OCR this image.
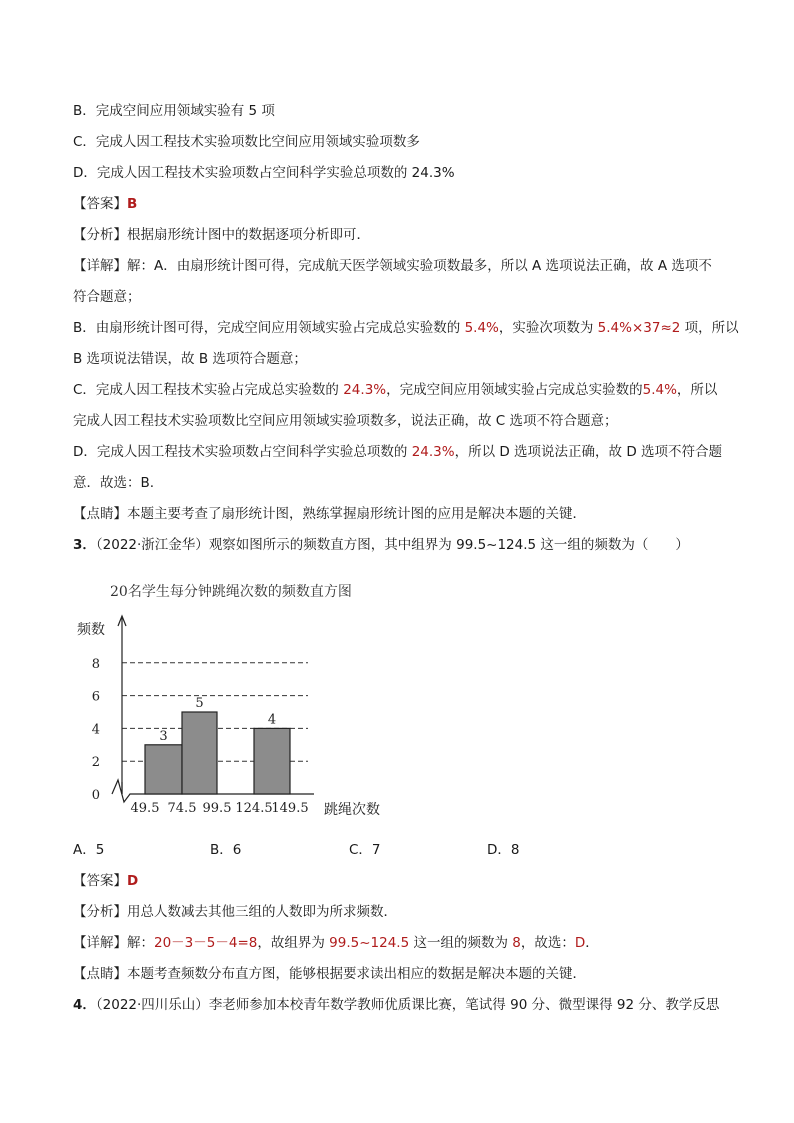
B．完成空间应用领域实验有 5 项
C．完成人因工程技术实验项数比空间应用领域实验项数多
D．完成人因工程技术实验项数占空间科学实验总项数的 24.3%
【答案】B
【分析】根据扇形统计图中的数据逐项分析即可．
【详解】解：A．由扇形统计图可得，完成航天医学领域实验项数最多，所以 A 选项说法正确，故 A 选项不
符合题意；
B．由扇形统计图可得，完成空间应用领域实验占完成总实验数的 5.4%，实验次项数为 5.4%×37≈2 项，所以
B 选项说法错误，故 B 选项符合题意；
C．完成人因工程技术实验占完成总实验数的 24.3%，完成空间应用领域实验占完成总实验数的5.4%，所以
完成人因工程技术实验项数比空间应用领域实验项数多，说法正确，故 C 选项不符合题意；
D．完成人因工程技术实验项数占空间科学实验总项数的 24.3%，所以 D 选项说法正确，故 D 选项不符合题
意．故选：B.
【点睛】本题主要考查了扇形统计图，熟练掌握扇形统计图的应用是解决本题的关键．
3．（2022·浙江金华）观察如图所示的频数直方图，其中组界为 99.5~124.5 这一组的频数为（　　）
20名学生每分钟跳绳次数的频数直方图
频数
0
2
4
6
8
3
5
4
49.5 74.5 99.5 124.5
149.5 跳绳次数
A．5	B．6	C．7	D．8
【答案】D
【分析】用总人数减去其他三组的人数即为所求频数．
【详解】解：20－3－5－4=8，故组界为 99.5~124.5 这一组的频数为 8，故选：D．
【点睛】本题考查频数分布直方图，能够根据要求读出相应的数据是解决本题的关键．
4．（2022·四川乐山）李老师参加本校青年数学教师优质课比赛，笔试得 90 分、微型课得 92 分、教学反思
